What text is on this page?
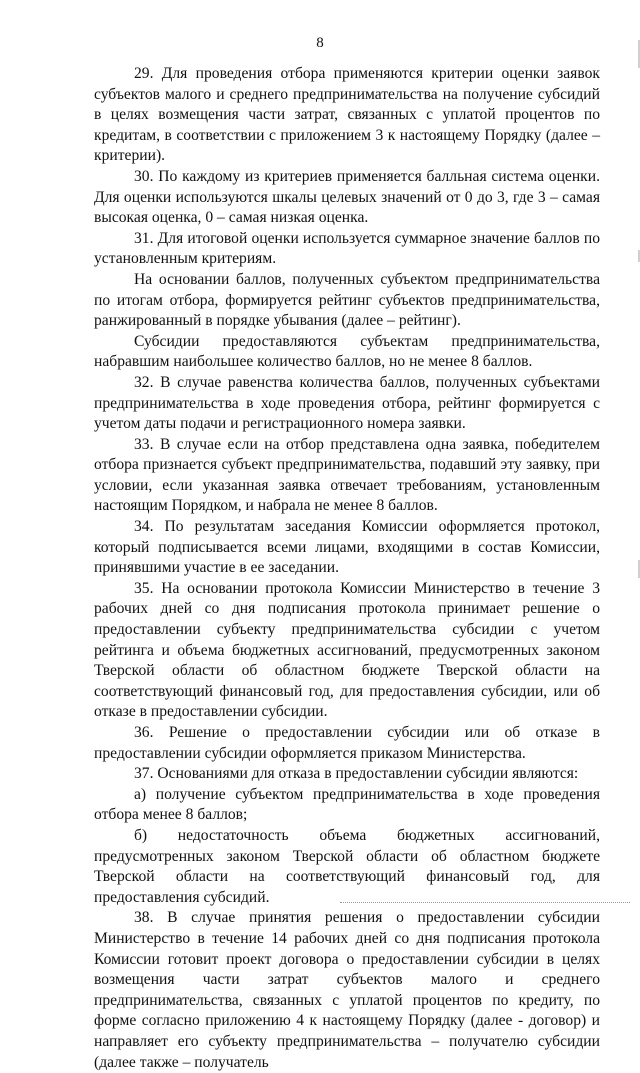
8

29. Для проведения отбора применяются критерии оценки заявок субъектов малого и среднего предпринимательства на получение субсидий в целях возмещения части затрат, связанных с уплатой процентов по кредитам, в соответствии с приложением 3 к настоящему Порядку (далее – критерии).

30. По каждому из критериев применяется балльная система оценки. Для оценки используются шкалы целевых значений от 0 до 3, где 3 – самая высокая оценка, 0 – самая низкая оценка.

31. Для итоговой оценки используется суммарное значение баллов по установленным критериям.

На основании баллов, полученных субъектом предпринимательства по итогам отбора, формируется рейтинг субъектов предпринимательства, ранжированный в порядке убывания (далее – рейтинг).

Субсидии предоставляются субъектам предпринимательства, набравшим наибольшее количество баллов, но не менее 8 баллов.

32. В случае равенства количества баллов, полученных субъектами предпринимательства в ходе проведения отбора, рейтинг формируется с учетом даты подачи и регистрационного номера заявки.

33. В случае если на отбор представлена одна заявка, победителем отбора признается субъект предпринимательства, подавший эту заявку, при условии, если указанная заявка отвечает требованиям, установленным настоящим Порядком, и набрала не менее 8 баллов.

34. По результатам заседания Комиссии оформляется протокол, который подписывается всеми лицами, входящими в состав Комиссии, принявшими участие в ее заседании.

35. На основании протокола Комиссии Министерство в течение 3 рабочих дней со дня подписания протокола принимает решение о предоставлении субъекту предпринимательства субсидии с учетом рейтинга и объема бюджетных ассигнований, предусмотренных законом Тверской области об областном бюджете Тверской области на соответствующий финансовый год, для предоставления субсидии, или об отказе в предоставлении субсидии.

36. Решение о предоставлении субсидии или об отказе в предоставлении субсидии оформляется приказом Министерства.

37. Основаниями для отказа в предоставлении субсидии являются:

а) получение субъектом предпринимательства в ходе проведения отбора менее 8 баллов;

б) недостаточность объема бюджетных ассигнований, предусмотренных законом Тверской области об областном бюджете Тверской области на соответствующий финансовый год, для предоставления субсидий.

38. В случае принятия решения о предоставлении субсидии Министерство в течение 14 рабочих дней со дня подписания протокола Комиссии готовит проект договора о предоставлении субсидии в целях возмещения части затрат субъектов малого и среднего предпринимательства, связанных с уплатой процентов по кредиту, по форме согласно приложению 4 к настоящему Порядку (далее - договор) и направляет его субъекту предпринимательства – получателю субсидии (далее также – получатель
